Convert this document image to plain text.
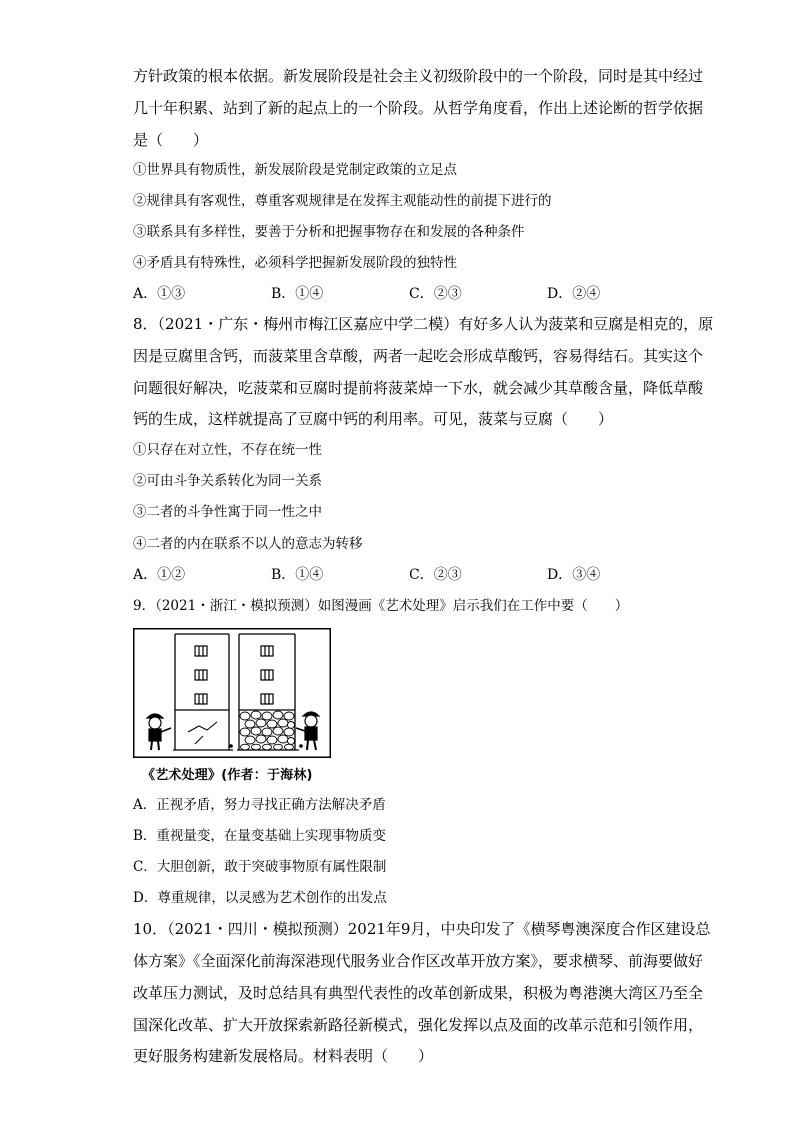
方针政策的根本依据。新发展阶段是社会主义初级阶段中的一个阶段，同时是其中经过
几十年积累、站到了新的起点上的一个阶段。从哲学角度看，作出上述论断的哲学依据
是（　　）
①世界具有物质性，新发展阶段是党制定政策的立足点
②规律具有客观性，尊重客观规律是在发挥主观能动性的前提下进行的
③联系具有多样性，要善于分析和把握事物存在和发展的各种条件
④矛盾具有特殊性，必须科学把握新发展阶段的独特性
A．①③	B．①④	C．②③	D．②④
8．（2021・广东・梅州市梅江区嘉应中学二模）有好多人认为菠菜和豆腐是相克的，原
因是豆腐里含钙，而菠菜里含草酸，两者一起吃会形成草酸钙，容易得结石。其实这个
问题很好解决，吃菠菜和豆腐时提前将菠菜焯一下水，就会减少其草酸含量，降低草酸
钙的生成，这样就提高了豆腐中钙的利用率。可见，菠菜与豆腐（　　）
①只存在对立性，不存在统一性
②可由斗争关系转化为同一关系
③二者的斗争性寓于同一性之中
④二者的内在联系不以人的意志为转移
A．①②	B．①④	C．②③	D．③④
9．（2021・浙江・模拟预测）如图漫画《艺术处理》启示我们在工作中要（　　）
《艺术处理》(作者：于海林)
A．正视矛盾，努力寻找正确方法解决矛盾
B．重视量变，在量变基础上实现事物质变
C．大胆创新，敢于突破事物原有属性限制
D．尊重规律，以灵感为艺术创作的出发点
10．（2021・四川・模拟预测）2021年9月，中央印发了《横琴粤澳深度合作区建设总
体方案》《全面深化前海深港现代服务业合作区改革开放方案》，要求横琴、前海要做好
改革压力测试，及时总结具有典型代表性的改革创新成果，积极为粤港澳大湾区乃至全
国深化改革、扩大开放探索新路径新模式，强化发挥以点及面的改革示范和引领作用，
更好服务构建新发展格局。材料表明（　　）
